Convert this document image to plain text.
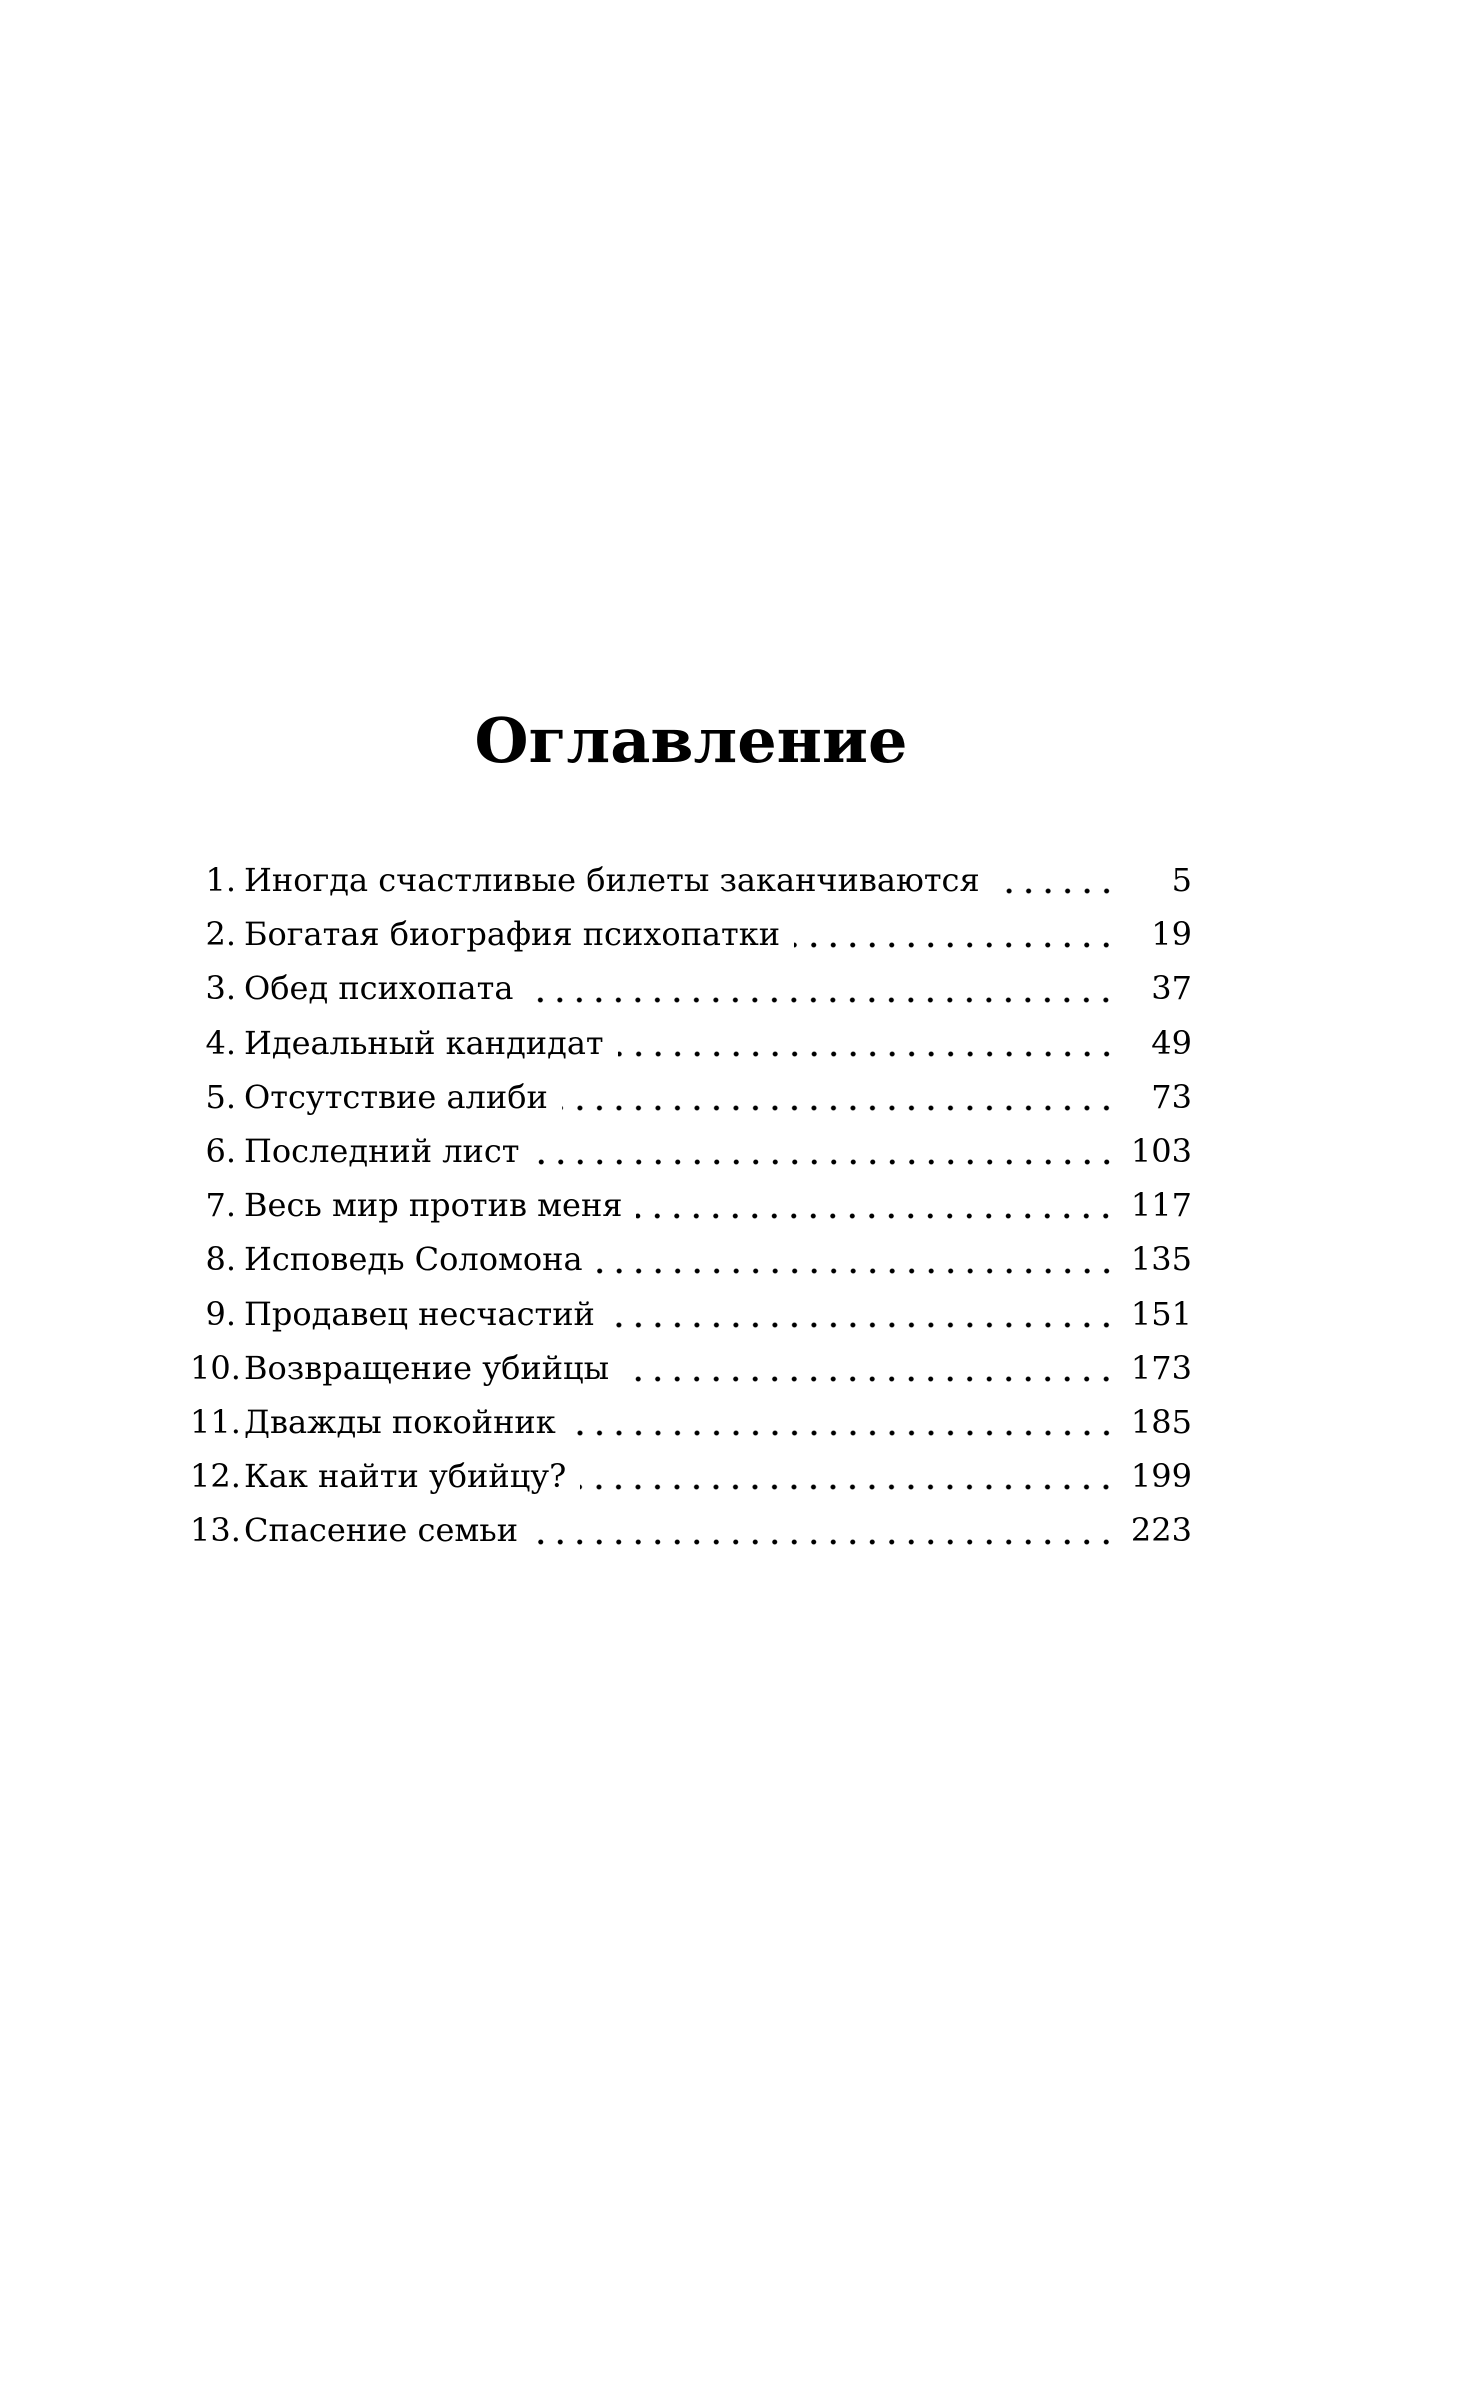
Оглавление
1. Иногда счастливые билеты заканчиваются	5
2. Богатая биография психопатки	19
3. Обед психопата	37
4. Идеальный кандидат	49
5. Отсутствие алиби	73
6. Последний лист	103
7. Весь мир против меня	117
8. Исповедь Соломона	135
9. Продавец несчастий	151
10. Возвращение убийцы	173
11. Дважды покойник	185
12. Как найти убийцу?	199
13. Спасение семьи	223
